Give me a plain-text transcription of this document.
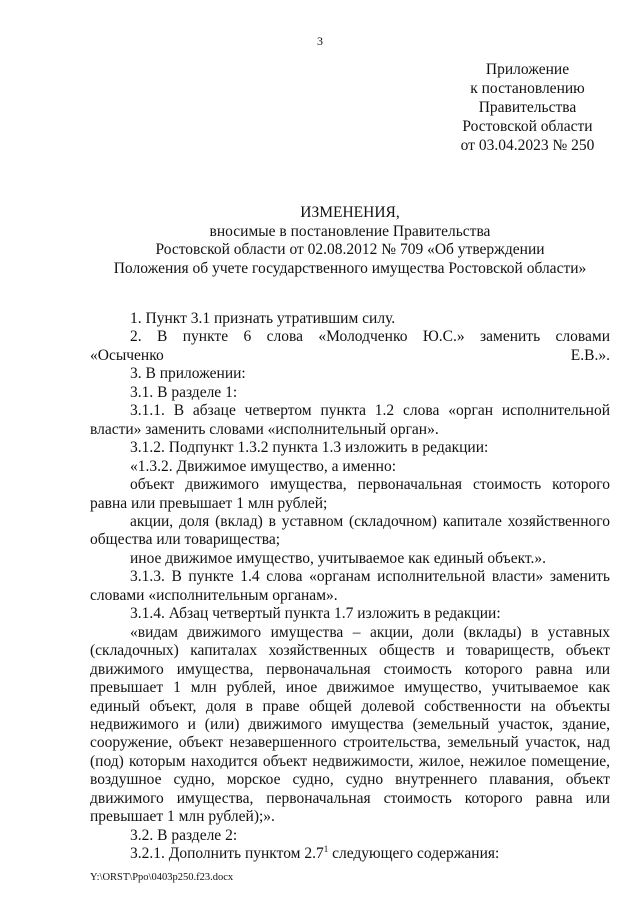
3
Приложение
к постановлению
Правительства
Ростовской области
от 03.04.2023 № 250
ИЗМЕНЕНИЯ,
вносимые в постановление Правительства
Ростовской области от 02.08.2012 № 709 «Об утверждении
Положения об учете государственного имущества Ростовской области»

1. Пункт 3.1 признать утратившим силу.

2. В пункте 6 слова «Молодченко Ю.С.» заменить словами «Осыченко Е.В.».

3. В приложении:

3.1. В разделе 1:

3.1.1. В абзаце четвертом пункта 1.2 слова «орган исполнительной власти» заменить словами «исполнительный орган».

3.1.2. Подпункт 1.3.2 пункта 1.3 изложить в редакции:

«1.3.2. Движимое имущество, а именно:

объект движимого имущества, первоначальная стоимость которого равна или превышает 1 млн рублей;

акции, доля (вклад) в уставном (складочном) капитале хозяйственного общества или товарищества;

иное движимое имущество, учитываемое как единый объект.».

3.1.3. В пункте 1.4 слова «органам исполнительной власти» заменить словами «исполнительным органам».

3.1.4. Абзац четвертый пункта 1.7 изложить в редакции:

«видам движимого имущества – акции, доли (вклады) в уставных (складочных) капиталах хозяйственных обществ и товариществ, объект движимого имущества, первоначальная стоимость которого равна или превышает 1 млн рублей, иное движимое имущество, учитываемое как единый объект, доля в праве общей долевой собственности на объекты недвижимого и (или) движимого имущества (земельный участок, здание, сооружение, объект незавершенного строительства, земельный участок, над (под) которым находится объект недвижимости, жилое, нежилое помещение, воздушное судно, морское судно, судно внутреннего плавания, объект движимого имущества, первоначальная стоимость которого равна или превышает 1 млн рублей);».

3.2. В разделе 2:

3.2.1. Дополнить пунктом $2.7^1$ следующего содержания:

Y:\ORST\Ppo\0403p250.f23.docx
